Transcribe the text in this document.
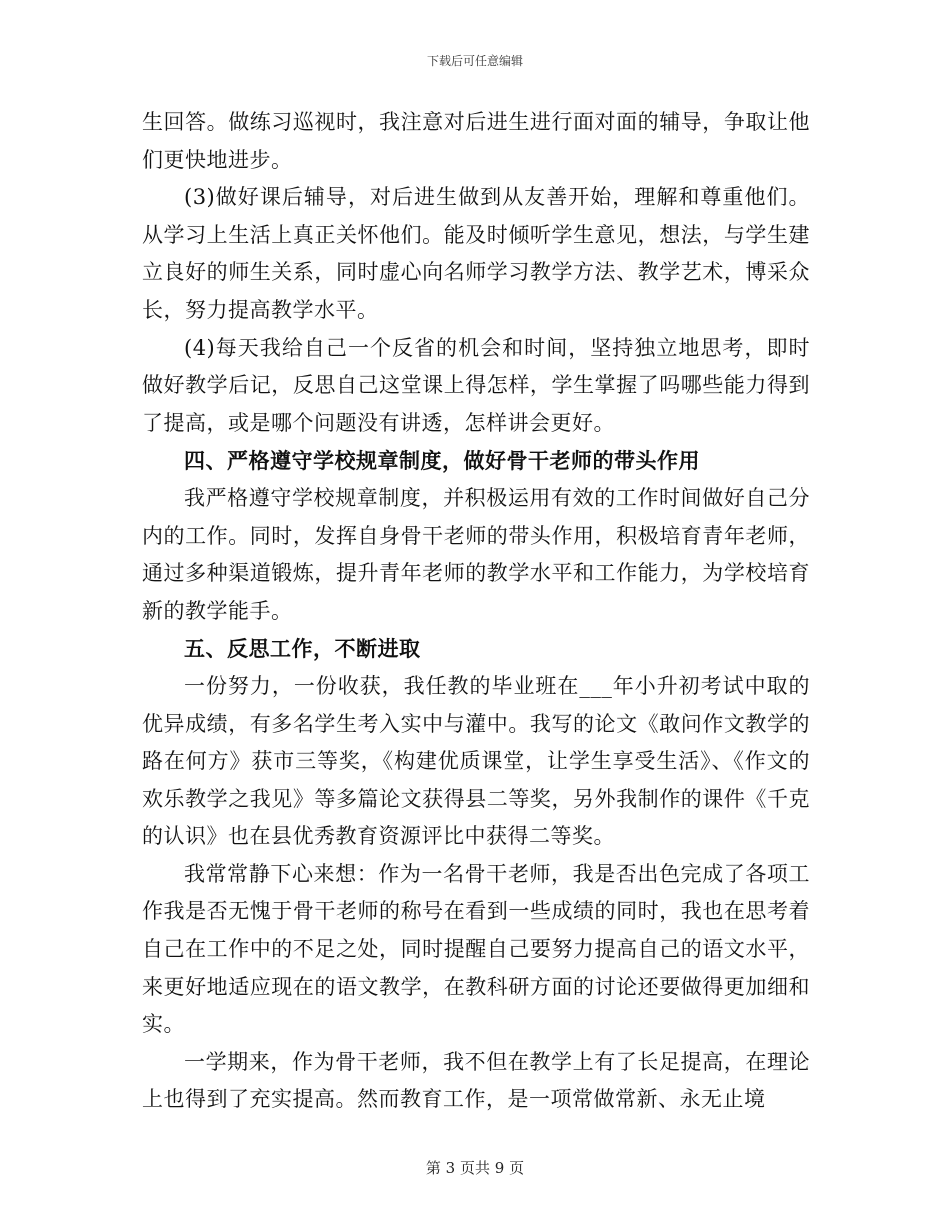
下载后可任意编辑

生回答。做练习巡视时，我注意对后进生进行面对面的辅导，争取让他们更快地进步。

(3)做好课后辅导，对后进生做到从友善开始，理解和尊重他们。从学习上生活上真正关怀他们。能及时倾听学生意见，想法，与学生建立良好的师生关系，同时虚心向名师学习教学方法、教学艺术，博采众长，努力提高教学水平。

(4)每天我给自己一个反省的机会和时间，坚持独立地思考，即时做好教学后记，反思自己这堂课上得怎样，学生掌握了吗哪些能力得到了提高，或是哪个问题没有讲透，怎样讲会更好。

四、严格遵守学校规章制度，做好骨干老师的带头作用

我严格遵守学校规章制度，并积极运用有效的工作时间做好自己分内的工作。同时，发挥自身骨干老师的带头作用，积极培育青年老师，通过多种渠道锻炼，提升青年老师的教学水平和工作能力，为学校培育新的教学能手。

五、反思工作，不断进取

一份努力，一份收获，我任教的毕业班在___年小升初考试中取的优异成绩，有多名学生考入实中与灌中。我写的论文《敢问作文教学的路在何方》获市三等奖，《构建优质课堂，让学生享受生活》、《作文的欢乐教学之我见》等多篇论文获得县二等奖，另外我制作的课件《千克的认识》也在县优秀教育资源评比中获得二等奖。

我常常静下心来想：作为一名骨干老师，我是否出色完成了各项工作我是否无愧于骨干老师的称号在看到一些成绩的同时，我也在思考着自己在工作中的不足之处，同时提醒自己要努力提高自己的语文水平，来更好地适应现在的语文教学，在教科研方面的讨论还要做得更加细和实。

一学期来，作为骨干老师，我不但在教学上有了长足提高，在理论上也得到了充实提高。然而教育工作，是一项常做常新、永无止境

第 3 页共 9 页
